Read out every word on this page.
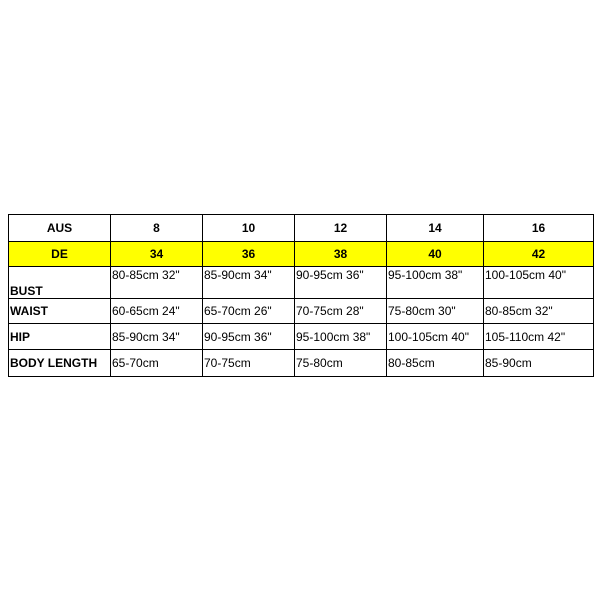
AUS	8	10	12	14	16
DE	34	36	38	40	42
BUST	80-85cm 32"	85-90cm 34"	90-95cm 36"	95-100cm 38"	100-105cm 40"
WAIST	60-65cm 24"	65-70cm 26"	70-75cm 28"	75-80cm 30"	80-85cm 32"
HIP	85-90cm 34"	90-95cm 36"	95-100cm 38"	100-105cm 40"	105-110cm 42"
BODY LENGTH	65-70cm	70-75cm	75-80cm	80-85cm	85-90cm
